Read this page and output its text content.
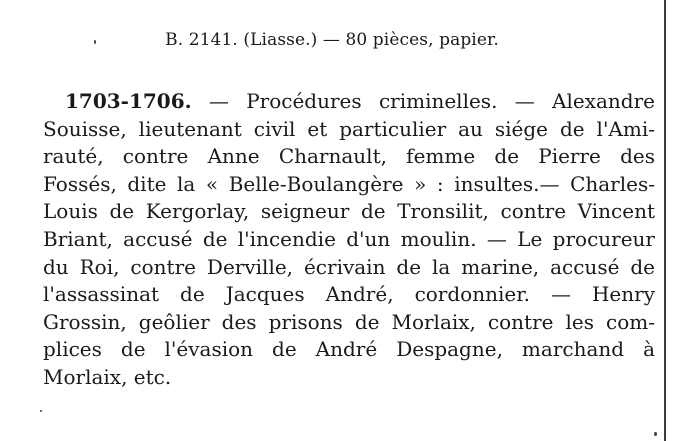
B. 2141. (Liasse.) — 80 pièces, papier.
1703-1706. — Procédures criminelles. — Alexandre
Souisse, lieutenant civil et particulier au siége de l'Ami-
rauté, contre Anne Charnault, femme de Pierre des
Fossés, dite la « Belle-Boulangère » : insultes.— Charles-
Louis de Kergorlay, seigneur de Tronsilit, contre Vincent
Briant, accusé de l'incendie d'un moulin. — Le procureur
du Roi, contre Derville, écrivain de la marine, accusé de
l'assassinat de Jacques André, cordonnier. — Henry
Grossin, geôlier des prisons de Morlaix, contre les com-
plices de l'évasion de André Despagne, marchand à
Morlaix, etc.
